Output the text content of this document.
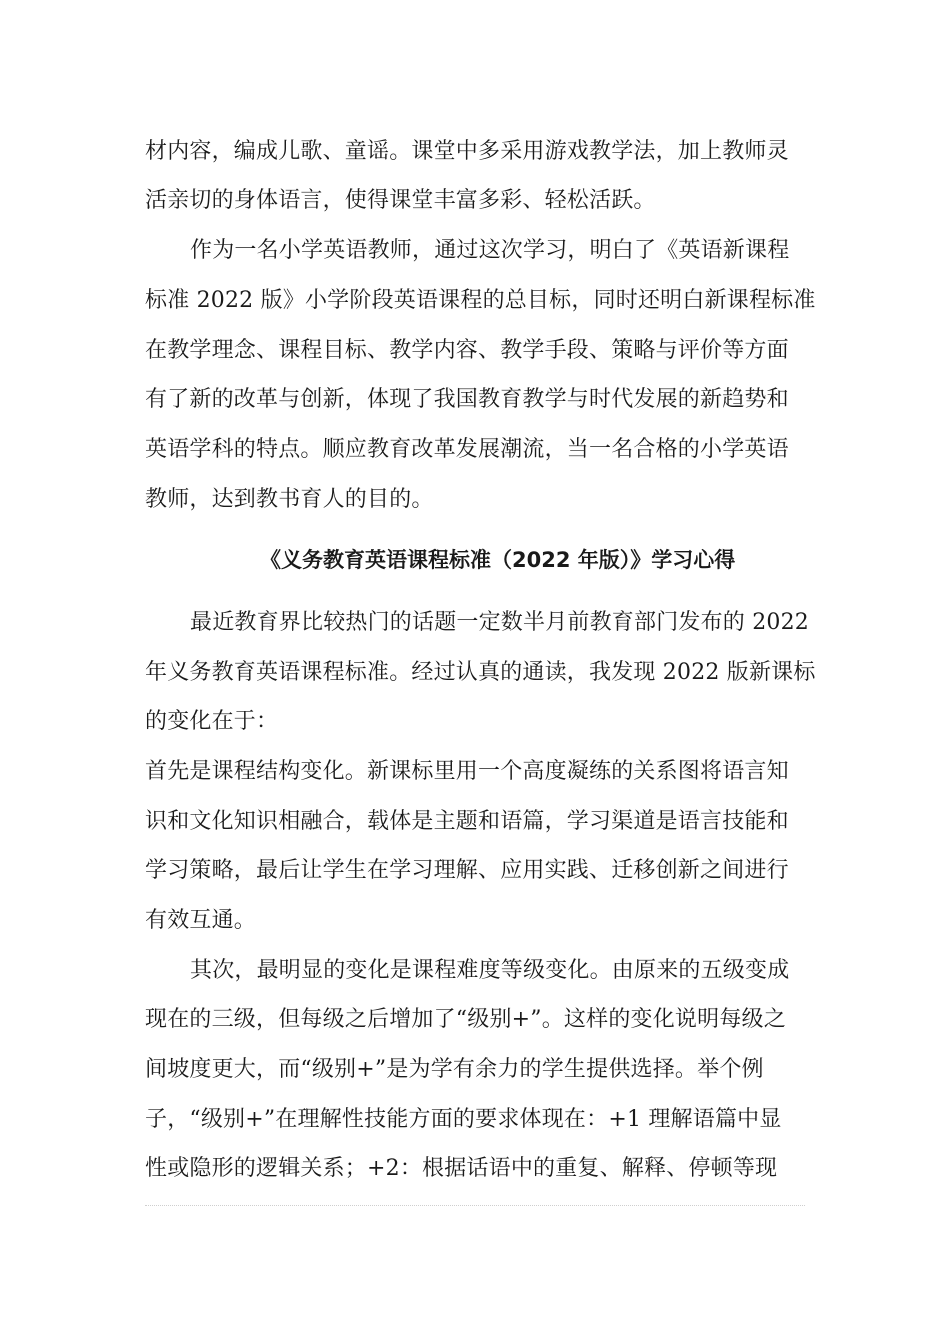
材内容，编成儿歌、童谣。课堂中多采用游戏教学法，加上教师灵
活亲切的身体语言，使得课堂丰富多彩、轻松活跃。
作为一名小学英语教师，通过这次学习，明白了《英语新课程
标准 2022 版》小学阶段英语课程的总目标，同时还明白新课程标准
在教学理念、课程目标、教学内容、教学手段、策略与评价等方面
有了新的改革与创新，体现了我国教育教学与时代发展的新趋势和
英语学科的特点。顺应教育改革发展潮流，当一名合格的小学英语
教师，达到教书育人的目的。
《义务教育英语课程标准（2022 年版）》学习心得
最近教育界比较热门的话题一定数半月前教育部门发布的 2022
年义务教育英语课程标准。经过认真的通读，我发现 2022 版新课标
的变化在于：
首先是课程结构变化。新课标里用一个高度凝练的关系图将语言知
识和文化知识相融合，载体是主题和语篇，学习渠道是语言技能和
学习策略，最后让学生在学习理解、应用实践、迁移创新之间进行
有效互通。
其次，最明显的变化是课程难度等级变化。由原来的五级变成
现在的三级，但每级之后增加了“级别+”。这样的变化说明每级之
间坡度更大，而“级别+”是为学有余力的学生提供选择。举个例
子，“级别+”在理解性技能方面的要求体现在：+1 理解语篇中显
性或隐形的逻辑关系；+2：根据话语中的重复、解释、停顿等现
